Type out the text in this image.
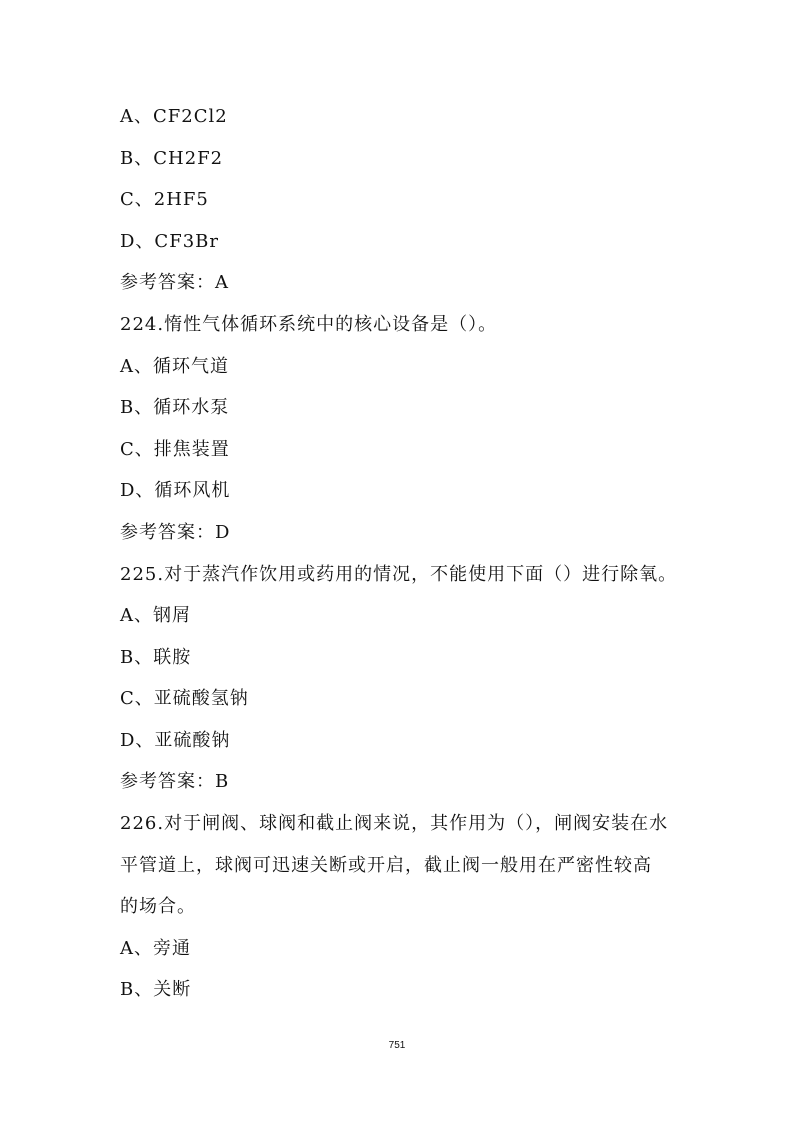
A、CF2Cl2
B、CH2F2
C、2HF5
D、CF3Br
参考答案：A
224.惰性气体循环系统中的核心设备是（）。
A、循环气道
B、循环水泵
C、排焦装置
D、循环风机
参考答案：D
225.对于蒸汽作饮用或药用的情况，不能使用下面（）进行除氧。
A、钢屑
B、联胺
C、亚硫酸氢钠
D、亚硫酸钠
参考答案：B
226.对于闸阀、球阀和截止阀来说，其作用为（），闸阀安装在水
平管道上，球阀可迅速关断或开启，截止阀一般用在严密性较高
的场合。
A、旁通
B、关断
751
